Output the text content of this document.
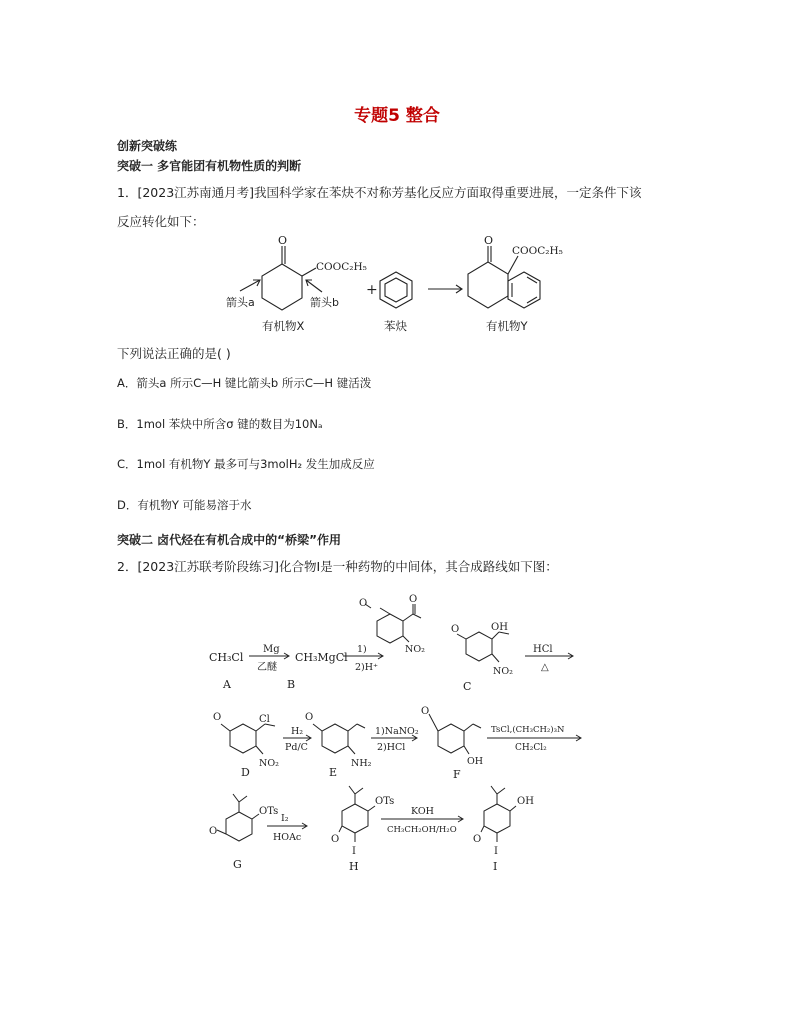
专题5 整合
创新突破练
突破一 多官能团有机物性质的判断
1．[2023江苏南通月考]我国科学家在苯炔不对称芳基化反应方面取得重要进展，一定条件下该
反应转化如下：
O
COOC₂H₅
箭头a	箭头b
有机物X
+
苯炔
O
COOC₂H₅
有机物Y
下列说法正确的是( )
A．箭头a 所示C—H 键比箭头b 所示C—H 键活泼
B．1mol 苯炔中所含σ 键的数目为10Nₐ
C．1mol 有机物Y 最多可与3molH₂ 发生加成反应
D．有机物Y 可能易溶于水
突破二 卤代烃在有机合成中的“桥梁”作用
2．[2023江苏联考阶段练习]化合物I是一种药物的中间体，其合成路线如下图：
CH₃Cl
A
Mg
乙醚
CH₃MgCl
B
1)
2)H⁺
O	O
NO₂
O	OH
NO₂
C
HCl
△
O	Cl
NO₂
D
H₂
Pd/C
O
NH₂
E
1)NaNO₂
2)HCl
O
OH
F
TsCl,(CH₃CH₂)₃N
CH₂Cl₂
OTs
O
G
I₂
HOAc
OTs
O
I
H
KOH
CH₃CH₂OH/H₂O
OH
O
I
I
